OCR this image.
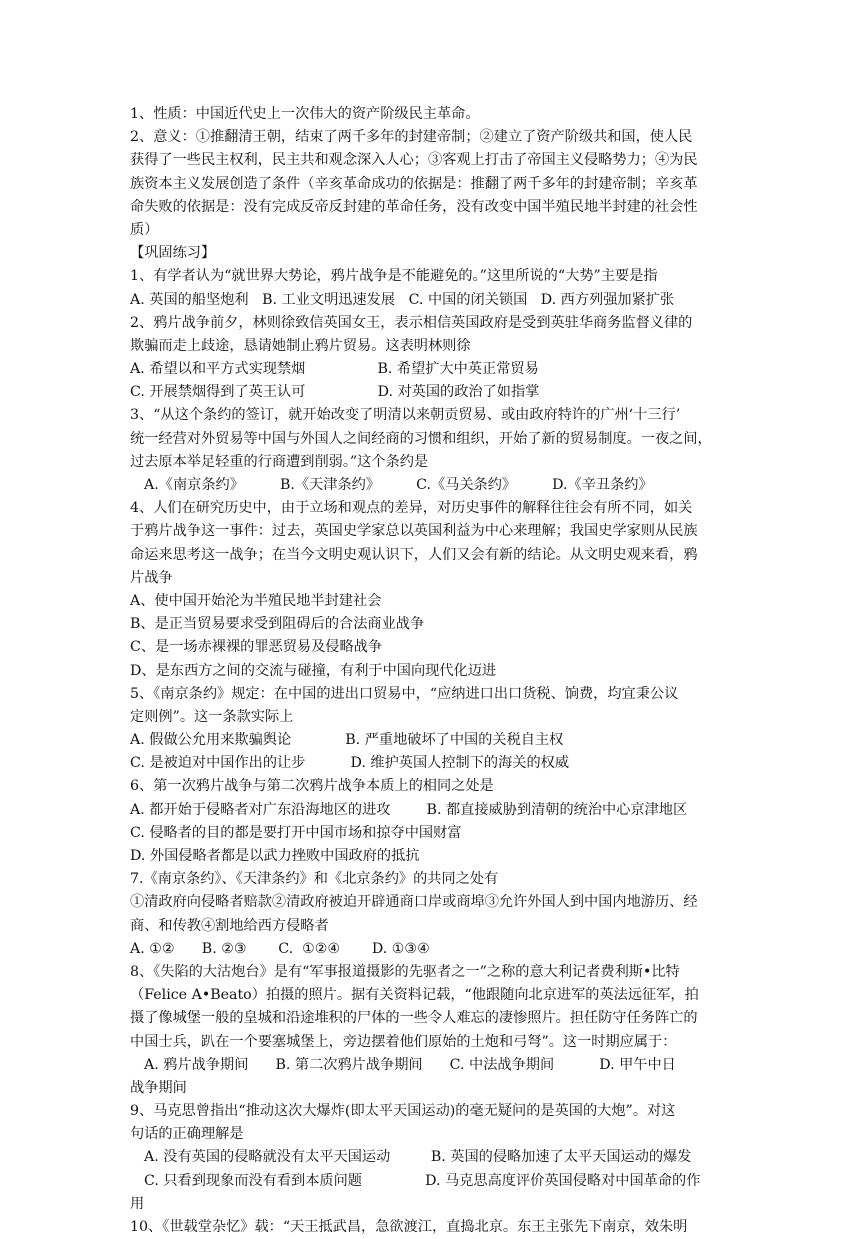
1、性质：中国近代史上一次伟大的资产阶级民主革命。
2、意义：①推翻清王朝，结束了两千多年的封建帝制；②建立了资产阶级共和国，使人民
获得了一些民主权利，民主共和观念深入人心；③客观上打击了帝国主义侵略势力；④为民
族资本主义发展创造了条件（辛亥革命成功的依据是：推翻了两千多年的封建帝制；辛亥革
命失败的依据是：没有完成反帝反封建的革命任务，没有改变中国半殖民地半封建的社会性
质）
【巩固练习】
1、有学者认为“就世界大势论，鸦片战争是不能避免的。”这里所说的“大势”主要是指
A. 英国的船坚炮利   B. 工业文明迅速发展   C. 中国的闭关锁国   D. 西方列强加紧扩张
2、鸦片战争前夕，林则徐致信英国女王，表示相信英国政府是受到英驻华商务监督义律的
欺骗而走上歧途，恳请她制止鸦片贸易。这表明林则徐
A. 希望以和平方式实现禁烟                B. 希望扩大中英正常贸易
C. 开展禁烟得到了英王认可                D. 对英国的政治了如指掌
3、“从这个条约的签订，就开始改变了明清以来朝贡贸易、或由政府特许的广州‘十三行’
统一经营对外贸易等中国与外国人之间经商的习惯和组织，开始了新的贸易制度。一夜之间，
过去原本举足轻重的行商遭到削弱。”这个条约是
A.《南京条约》        B.《天津条约》        C.《马关条约》        D.《辛丑条约》
4、人们在研究历史中，由于立场和观点的差异，对历史事件的解释往往会有所不同，如关
于鸦片战争这一事件：过去，英国史学家总以英国利益为中心来理解；我国史学家则从民族
命运来思考这一战争；在当今文明史观认识下，人们又会有新的结论。从文明史观来看，鸦
片战争
A、使中国开始沦为半殖民地半封建社会
B、是正当贸易要求受到阻碍后的合法商业战争
C、是一场赤裸裸的罪恶贸易及侵略战争
D、是东西方之间的交流与碰撞，有利于中国向现代化迈进
5、《南京条约》规定：在中国的进出口贸易中，“应纳进口出口货税、饷费，均宜秉公议
定则例”。这一条款实际上
A. 假做公允用来欺骗舆论            B. 严重地破坏了中国的关税自主权
C. 是被迫对中国作出的让步          D. 维护英国人控制下的海关的权威
6、第一次鸦片战争与第二次鸦片战争本质上的相同之处是
A. 都开始于侵略者对广东沿海地区的进攻        B. 都直接威胁到清朝的统治中心京津地区
C. 侵略者的目的都是要打开中国市场和掠夺中国财富
D. 外国侵略者都是以武力挫败中国政府的抵抗
7.《南京条约》、《天津条约》和《北京条约》的共同之处有
①清政府向侵略者赔款②清政府被迫开辟通商口岸或商埠③允许外国人到中国内地游历、经
商、和传教④割地给西方侵略者
A. ①②      B. ②③       C.  ①②④       D. ①③④
8、《失陷的大沽炮台》是有“军事报道摄影的先驱者之一”之称的意大利记者费利斯•比特
（Felice A•Beato）拍摄的照片。据有关资料记载，“他跟随向北京进军的英法远征军，拍
摄了像城堡一般的皇城和沿途堆积的尸体的一些令人难忘的凄惨照片。担任防守任务阵亡的
中国士兵，趴在一个要塞城堡上，旁边摆着他们原始的土炮和弓弩”。这一时期应属于：
A. 鸦片战争期间      B. 第二次鸦片战争期间      C. 中法战争期间          D. 甲午中日
战争期间
9、马克思曾指出“推动这次大爆炸(即太平天国运动)的毫无疑问的是英国的大炮”。对这
句话的正确理解是
A. 没有英国的侵略就没有太平天国运动         B. 英国的侵略加速了太平天国运动的爆发
C. 只看到现象而没有看到本质问题              D. 马克思高度评价英国侵略对中国革命的作
用
10、《世载堂杂忆》载：“天王抵武昌，急欲渡江，直捣北京。东王主张先下南京，效朱明
